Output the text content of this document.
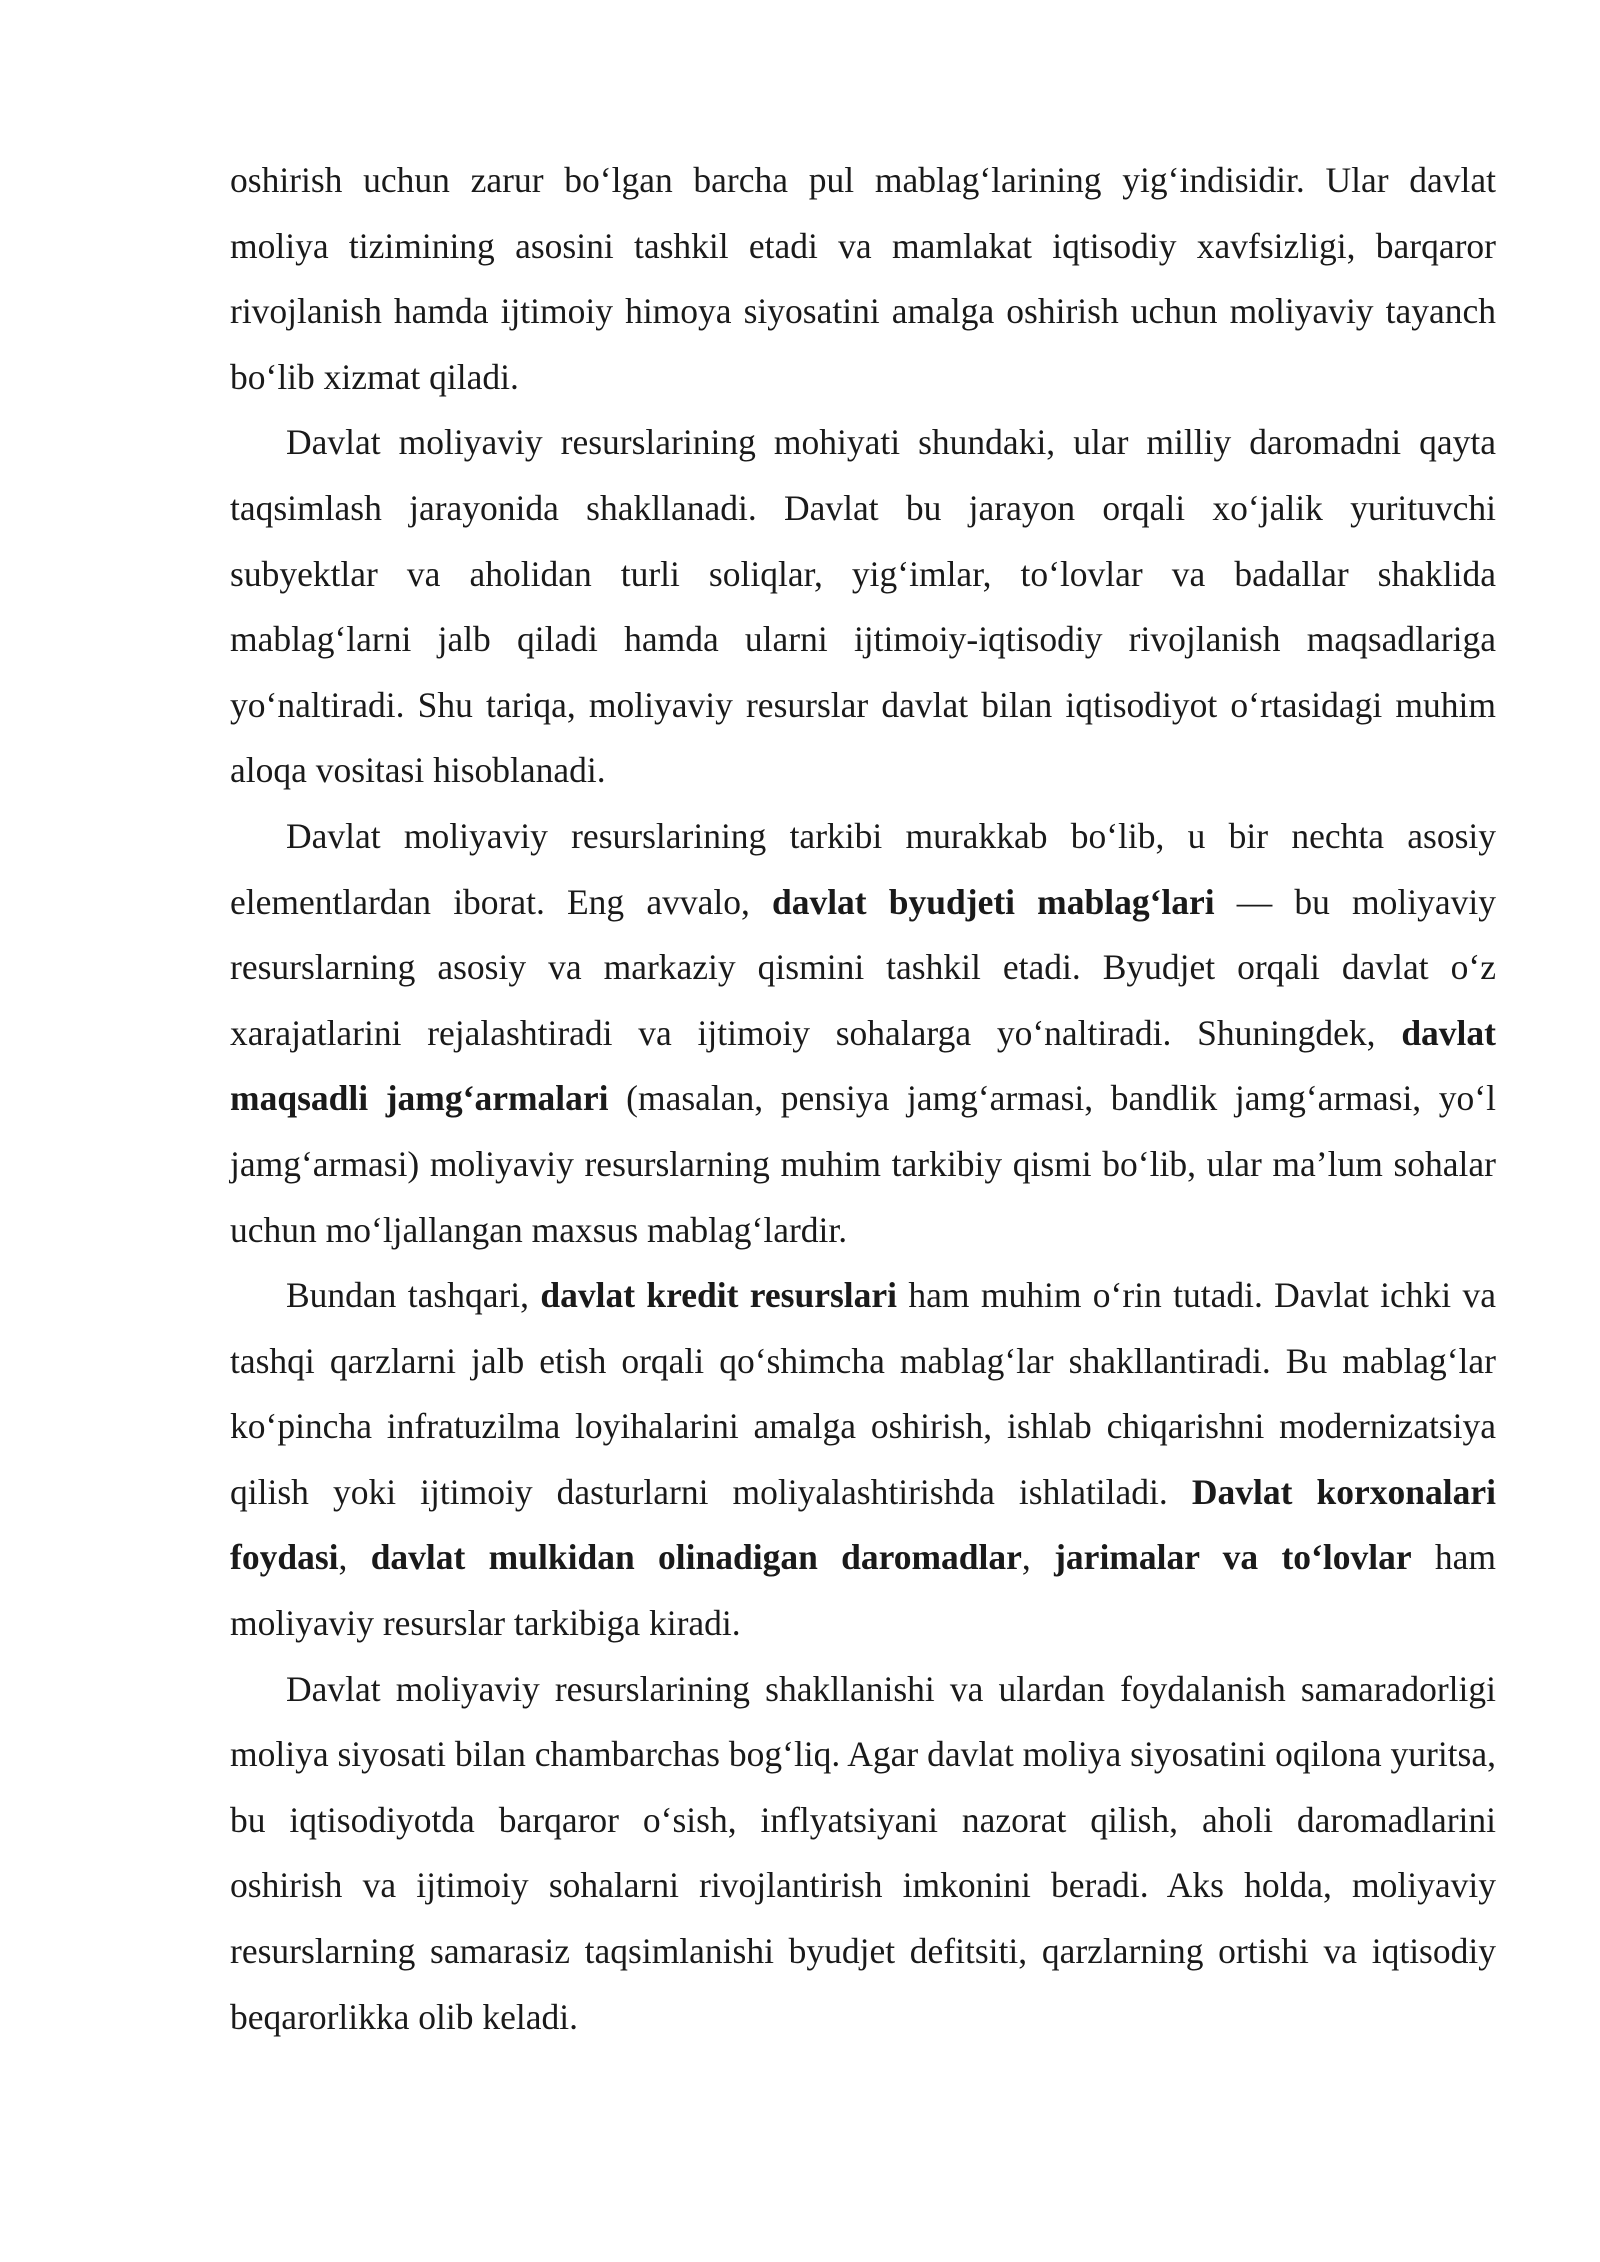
oshirish uchun zarur bo‘lgan barcha pul mablag‘larining yig‘indisidir. Ular davlat moliya tizimining asosini tashkil etadi va mamlakat iqtisodiy xavfsizligi, barqaror rivojlanish hamda ijtimoiy himoya siyosatini amalga oshirish uchun moliyaviy tayanch bo‘lib xizmat qiladi.

Davlat moliyaviy resurslarining mohiyati shundaki, ular milliy daromadni qayta taqsimlash jarayonida shakllanadi. Davlat bu jarayon orqali xo‘jalik yurituvchi subyektlar va aholidan turli soliqlar, yig‘imlar, to‘lovlar va badallar shaklida mablag‘larni jalb qiladi hamda ularni ijtimoiy-iqtisodiy rivojlanish maqsadlariga yo‘naltiradi. Shu tariqa, moliyaviy resurslar davlat bilan iqtisodiyot o‘rtasidagi muhim aloqa vositasi hisoblanadi.

Davlat moliyaviy resurslarining tarkibi murakkab bo‘lib, u bir nechta asosiy elementlardan iborat. Eng avvalo, davlat byudjeti mablag‘lari — bu moliyaviy resurslarning asosiy va markaziy qismini tashkil etadi. Byudjet orqali davlat o‘z xarajatlarini rejalashtiradi va ijtimoiy sohalarga yo‘naltiradi. Shuningdek, davlat maqsadli jamg‘armalari (masalan, pensiya jamg‘armasi, bandlik jamg‘armasi, yo‘l jamg‘armasi) moliyaviy resurslarning muhim tarkibiy qismi bo‘lib, ular ma’lum sohalar uchun mo‘ljallangan maxsus mablag‘lardir.

Bundan tashqari, davlat kredit resurslari ham muhim o‘rin tutadi. Davlat ichki va tashqi qarzlarni jalb etish orqali qo‘shimcha mablag‘lar shakllantiradi. Bu mablag‘lar ko‘pincha infratuzilma loyihalarini amalga oshirish, ishlab chiqarishni modernizatsiya qilish yoki ijtimoiy dasturlarni moliyalashtirishda ishlatiladi. Davlat korxonalari foydasi, davlat mulkidan olinadigan daromadlar, jarimalar va to‘lovlar ham moliyaviy resurslar tarkibiga kiradi.

Davlat moliyaviy resurslarining shakllanishi va ulardan foydalanish samaradorligi moliya siyosati bilan chambarchas bog‘liq. Agar davlat moliya siyosatini oqilona yuritsa, bu iqtisodiyotda barqaror o‘sish, inflyatsiyani nazorat qilish, aholi daromadlarini oshirish va ijtimoiy sohalarni rivojlantirish imkonini beradi. Aks holda, moliyaviy resurslarning samarasiz taqsimlanishi byudjet defitsiti, qarzlarning ortishi va iqtisodiy beqarorlikka olib keladi.
